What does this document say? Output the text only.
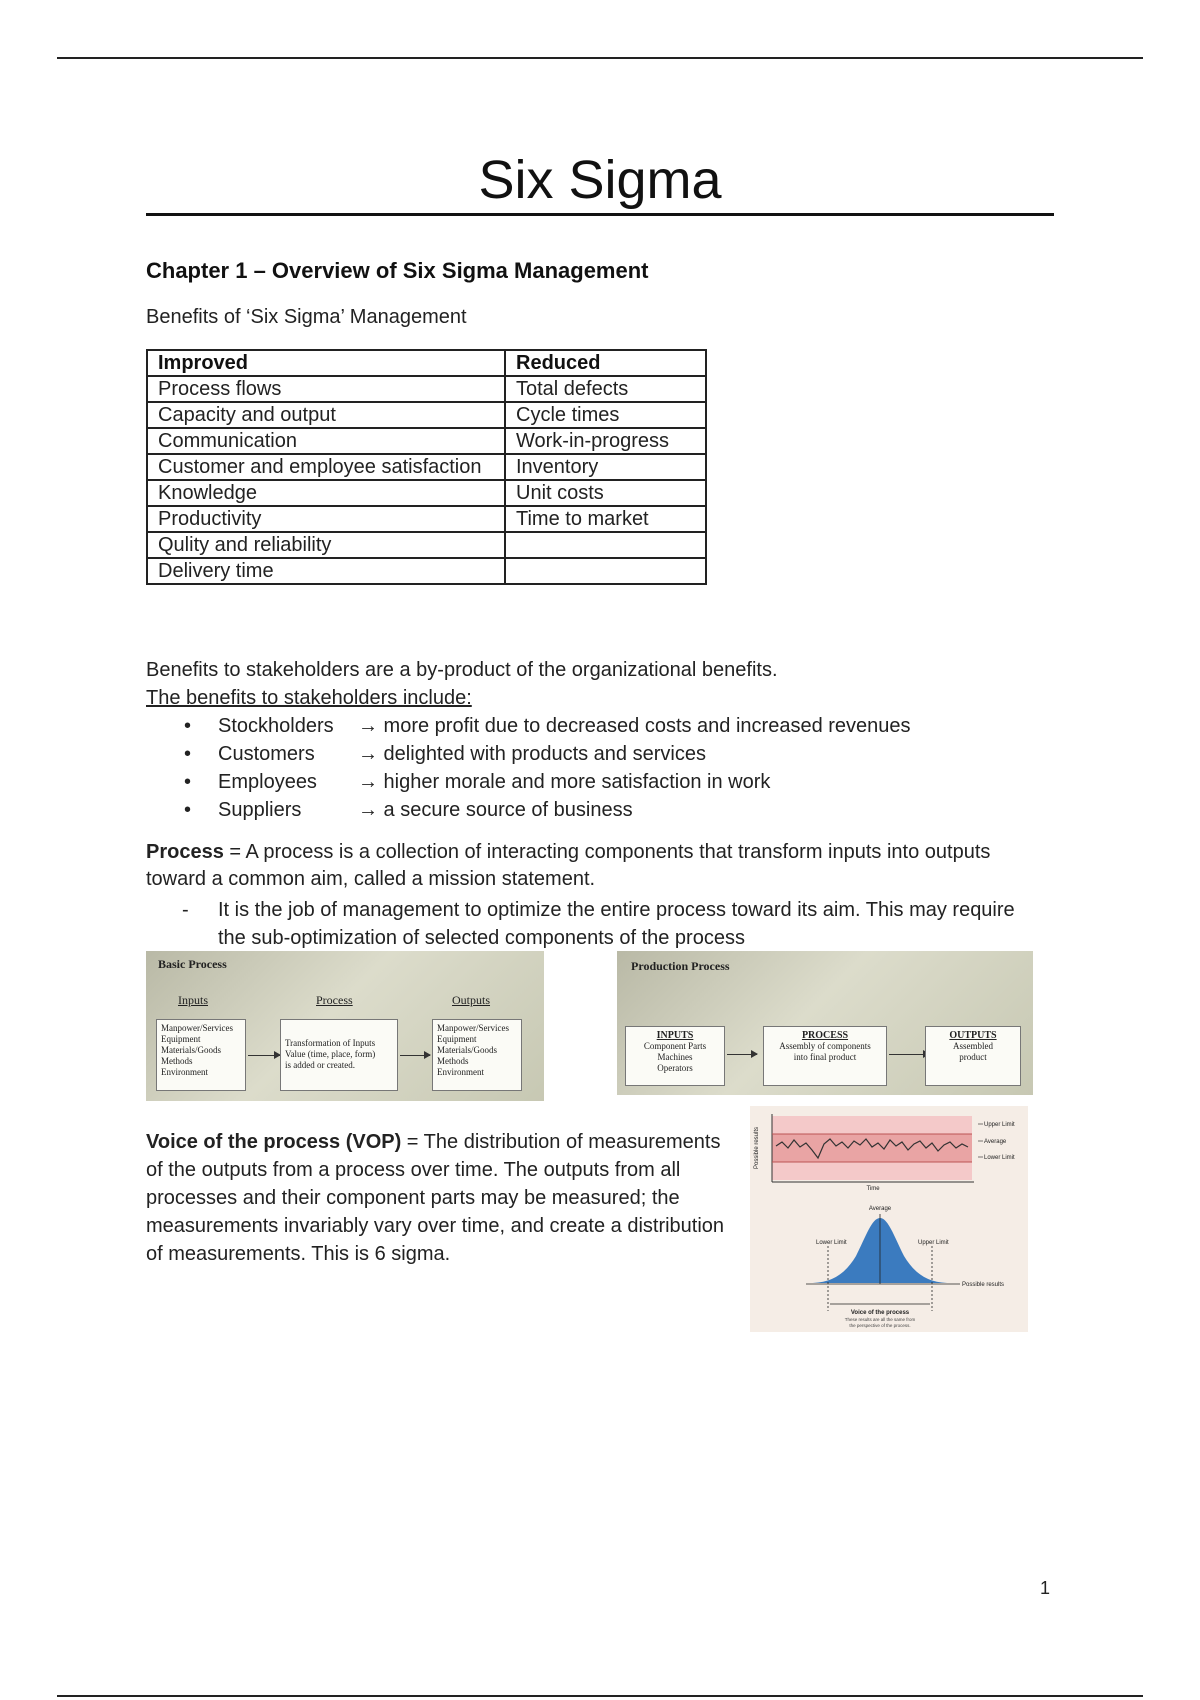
Six Sigma
Chapter 1 – Overview of Six Sigma Management
Benefits of ‘Six Sigma’ Management
Improved	Reduced
Process flows	Total defects
Capacity and output	Cycle times
Communication	Work-in-progress
Customer and employee satisfaction	Inventory
Knowledge	Unit costs
Productivity	Time to market
Qulity and reliability	
Delivery time	
Benefits to stakeholders are a by-product of the organizational benefits.
The benefits to stakeholders include:
• Stockholders	→ more profit due to decreased costs and increased revenues
• Customers	→ delighted with products and services
• Employees	→ higher morale and more satisfaction in work
• Suppliers	→ a secure source of business
Process = A process is a collection of interacting components that transform inputs into outputs toward a common aim, called a mission statement.
- It is the job of management to optimize the entire process toward its aim. This may require the sub-optimization of selected components of the process
Basic Process
Inputs	Process	Outputs
Manpower/Services
Equipment
Materials/Goods
Methods
Environment
Transformation of Inputs
Value (time, place, form)
is added or created.
Manpower/Services
Equipment
Materials/Goods
Methods
Environment
Production Process
INPUTS
Component Parts
Machines
Operators
PROCESS
Assembly of components
into final product
OUTPUTS
Assembled
product
Voice of the process (VOP) = The distribution of measurements of the outputs from a process over time. The outputs from all processes and their component parts may be measured; the measurements invariably vary over time, and create a distribution of measurements. This is 6 sigma.
Possible results
Time
Upper Limit
Average
Lower Limit
Average
Lower Limit	Upper Limit
Possible results
Voice of the process
These results are all the same from
the perspective of the process.
1
